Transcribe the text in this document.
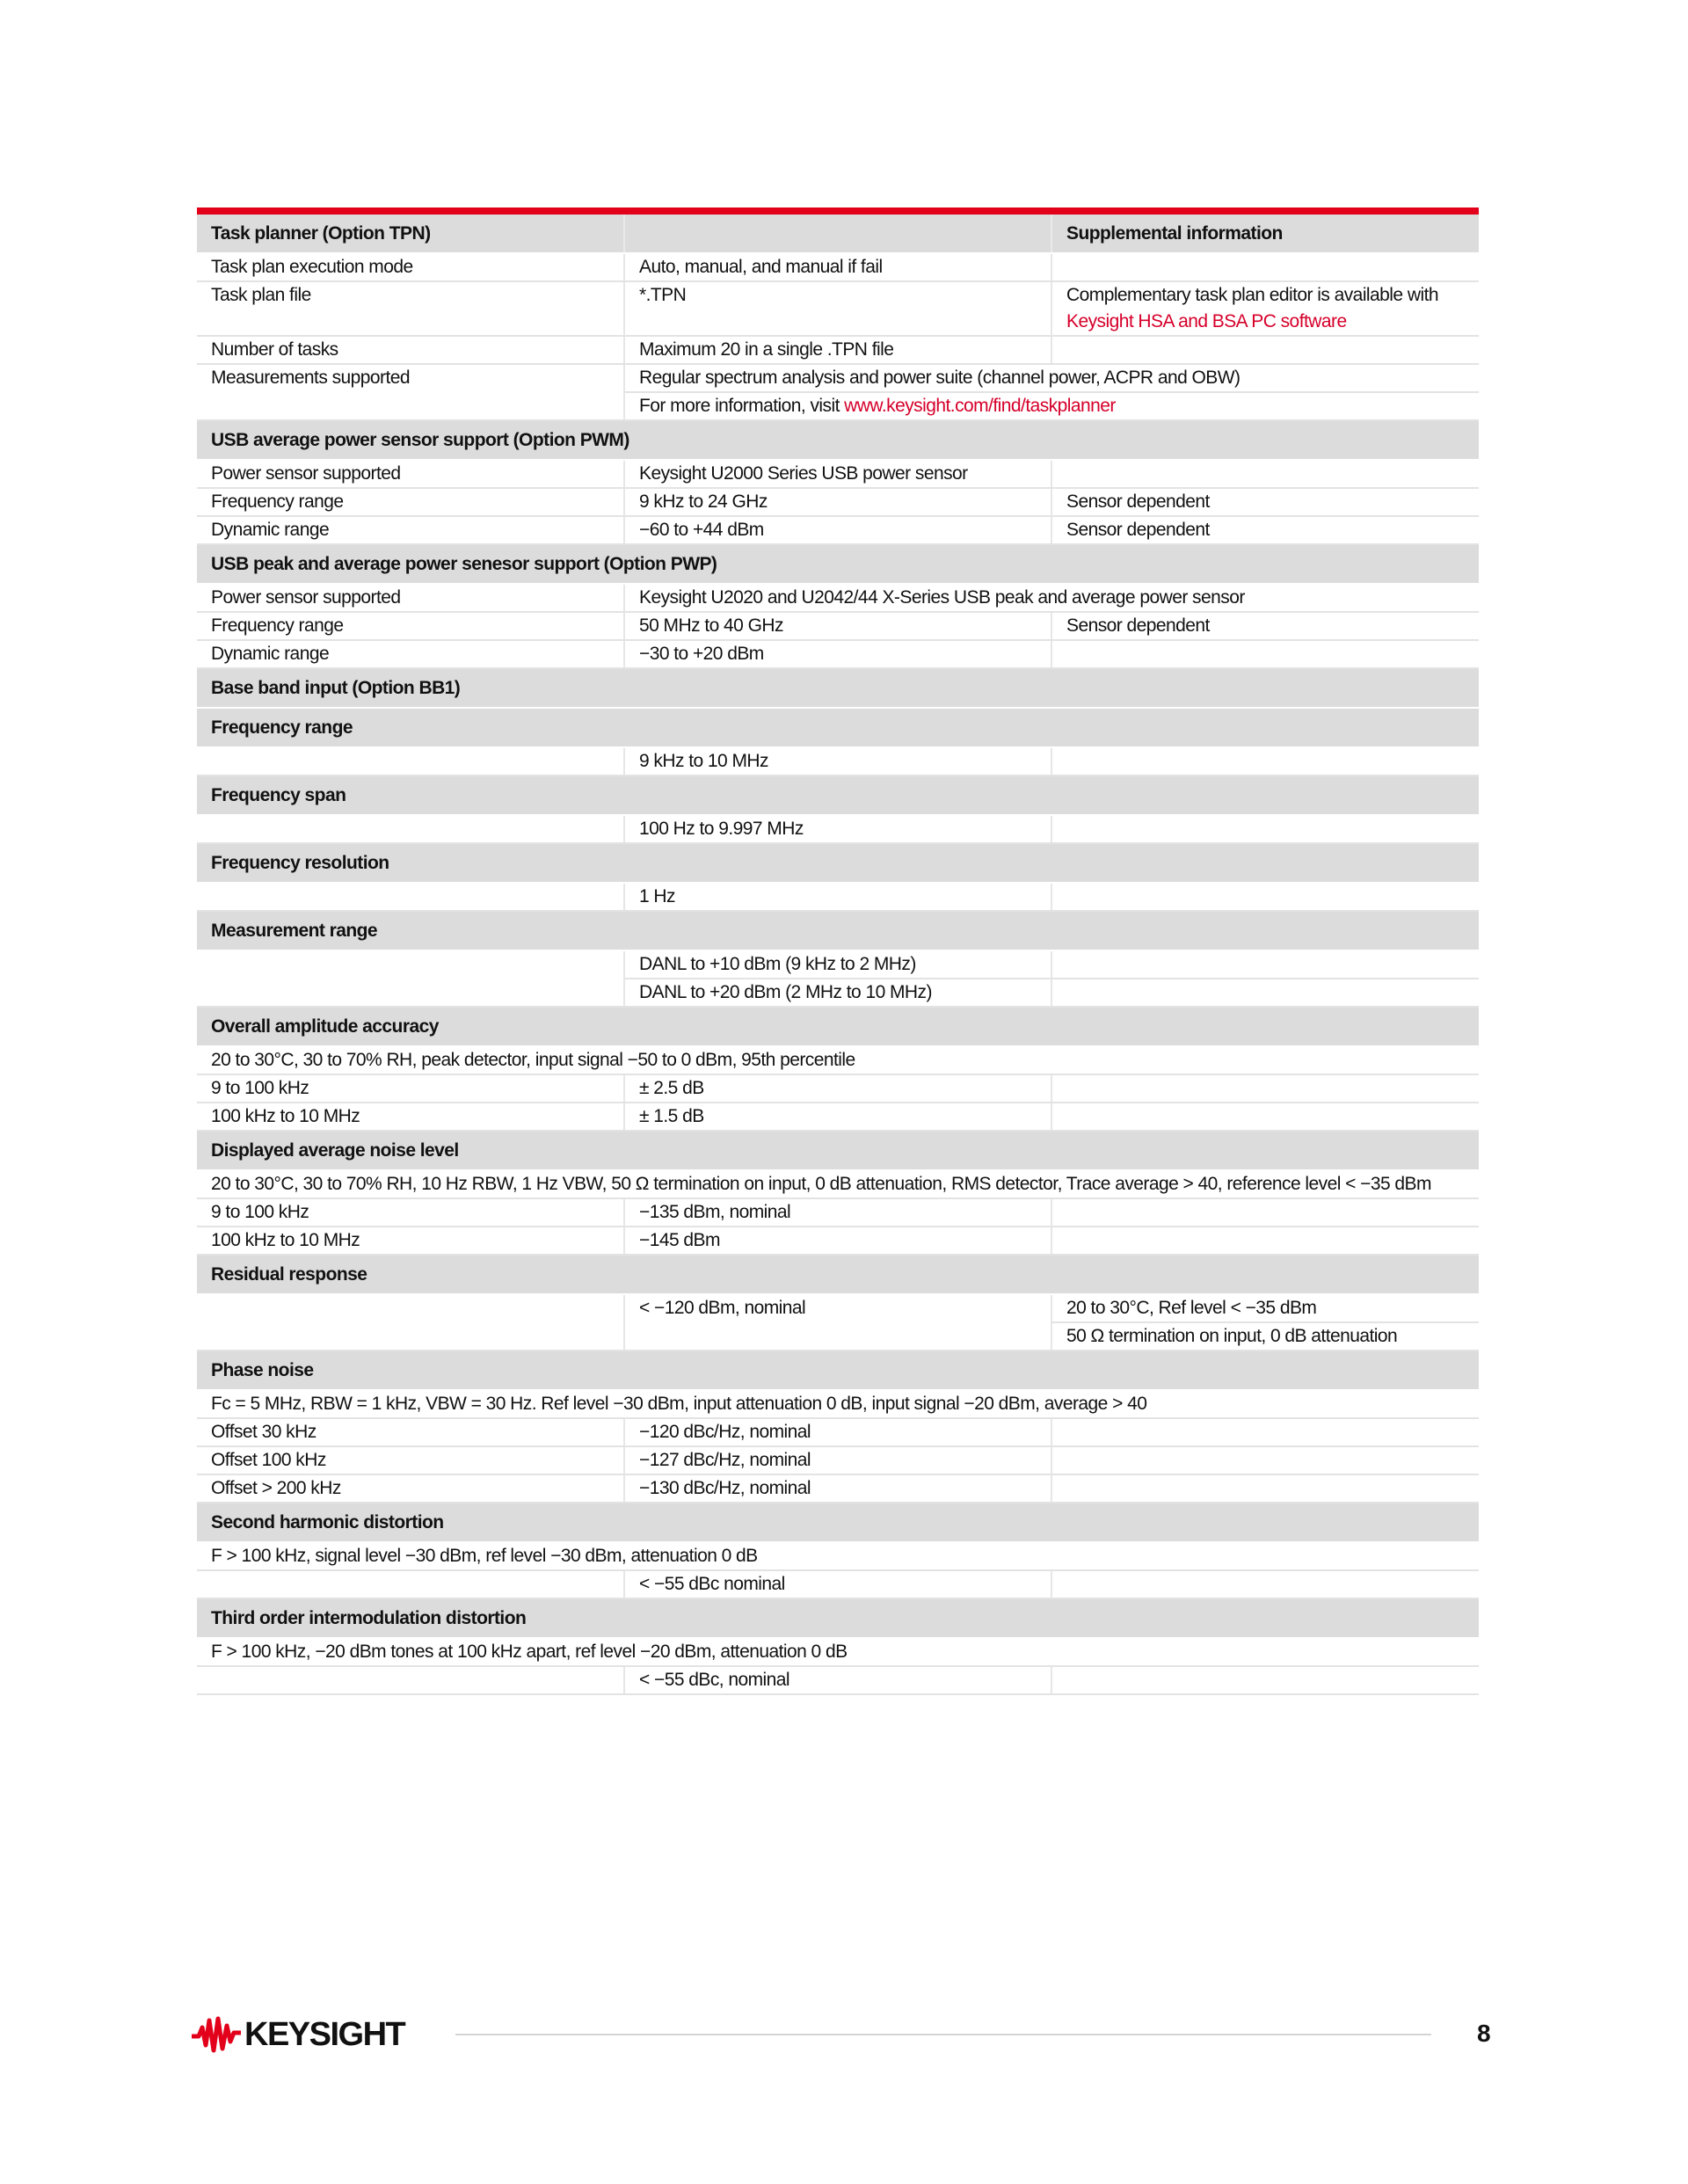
Task planner (Option TPN)		Supplemental information
Task plan execution mode	Auto, manual, and manual if fail	
Task plan file	*.TPN	Complementary task plan editor is available with
Keysight HSA and BSA PC software

Number of tasks	Maximum 20 in a single .TPN file	
Measurements supported	Regular spectrum analysis and power suite (channel power, ACPR and OBW)	
	For more information, visit www.keysight.com/find/taskplanner	
USB average power sensor support (Option PWM)		
Power sensor supported	Keysight U2000 Series USB power sensor	
Frequency range	9 kHz to 24 GHz	Sensor dependent
Dynamic range	−60 to +44 dBm	Sensor dependent
USB peak and average power senesor support (Option PWP)		
Power sensor supported	Keysight U2020 and U2042/44 X-Series USB peak and average power sensor	
Frequency range	50 MHz to 40 GHz	Sensor dependent
Dynamic range	−30 to +20 dBm	
Base band input (Option BB1)		
Frequency range		
	9 kHz to 10 MHz	
Frequency span		
	100 Hz to 9.997 MHz	
Frequency resolution		
	1 Hz	
Measurement range		
	DANL to +10 dBm (9 kHz to 2 MHz)	
	DANL to +20 dBm (2 MHz to 10 MHz)	
Overall amplitude accuracy		
20 to 30°C, 30 to 70% RH, peak detector, input signal −50 to 0 dBm, 95th percentile		
9 to 100 kHz	± 2.5 dB	
100 kHz to 10 MHz	± 1.5 dB	
Displayed average noise level		
20 to 30°C, 30 to 70% RH, 10 Hz RBW, 1 Hz VBW, 50 Ω termination on input, 0 dB attenuation, RMS detector, Trace average > 40, reference level < −35 dBm		
9 to 100 kHz	−135 dBm, nominal	
100 kHz to 10 MHz	−145 dBm	
Residual response		
	< −120 dBm, nominal	20 to 30°C, Ref level < −35 dBm
		50 Ω termination on input, 0 dB attenuation
Phase noise		
Fc = 5 MHz, RBW = 1 kHz, VBW = 30 Hz. Ref level −30 dBm, input attenuation 0 dB, input signal −20 dBm, average > 40		
Offset 30 kHz	−120 dBc/Hz, nominal	
Offset 100 kHz	−127 dBc/Hz, nominal	
Offset > 200 kHz	−130 dBc/Hz, nominal	
Second harmonic distortion		
F > 100 kHz, signal level −30 dBm, ref level −30 dBm, attenuation 0 dB		
	< −55 dBc nominal	
Third order intermodulation distortion		
F > 100 kHz, −20 dBm tones at 100 kHz apart, ref level −20 dBm, attenuation 0 dB		
	< −55 dBc, nominal	
KEYSIGHT	8
